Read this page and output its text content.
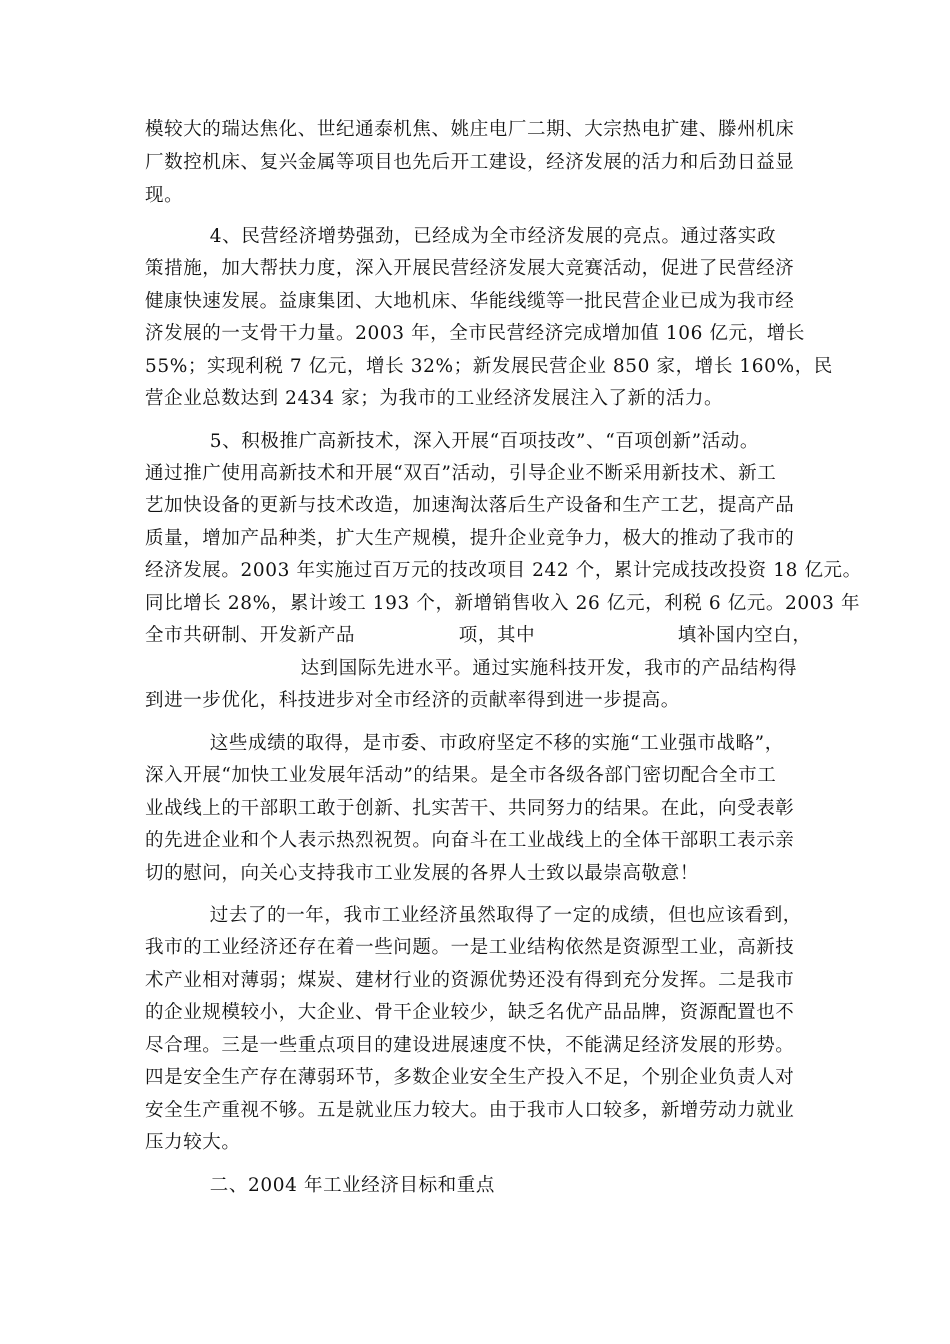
模较大的瑞达焦化、世纪通泰机焦、姚庄电厂二期、大宗热电扩建、滕州机床
厂数控机床、复兴金属等项目也先后开工建设，经济发展的活力和后劲日益显
现。
4、民营经济增势强劲，已经成为全市经济发展的亮点。通过落实政
策措施，加大帮扶力度，深入开展民营经济发展大竞赛活动，促进了民营经济
健康快速发展。益康集团、大地机床、华能线缆等一批民营企业已成为我市经
济发展的一支骨干力量。2003 年，全市民营经济完成增加值 106 亿元，增长
55%；实现利税 7 亿元，增长 32%；新发展民营企业 850 家，增长 160%，民
营企业总数达到 2434 家；为我市的工业经济发展注入了新的活力。
5、积极推广高新技术，深入开展“百项技改”、“百项创新”活动。
通过推广使用高新技术和开展“双百”活动，引导企业不断采用新技术、新工
艺加快设备的更新与技术改造，加速淘汰落后生产设备和生产工艺，提高产品
质量，增加产品种类，扩大生产规模，提升企业竞争力，极大的推动了我市的
经济发展。2003 年实施过百万元的技改项目 242 个，累计完成技改投资 18 亿元。
同比增长 28%，累计竣工 193 个，新增销售收入 26 亿元，利税 6 亿元。2003 年
全市共研制、开发新产品                项，其中                      填补国内空白，
达到国际先进水平。通过实施科技开发，我市的产品结构得
到进一步优化，科技进步对全市经济的贡献率得到进一步提高。
这些成绩的取得，是市委、市政府坚定不移的实施“工业强市战略”，
深入开展“加快工业发展年活动”的结果。是全市各级各部门密切配合全市工
业战线上的干部职工敢于创新、扎实苦干、共同努力的结果。在此，向受表彰
的先进企业和个人表示热烈祝贺。向奋斗在工业战线上的全体干部职工表示亲
切的慰问，向关心支持我市工业发展的各界人士致以最崇高敬意！
过去了的一年，我市工业经济虽然取得了一定的成绩，但也应该看到，
我市的工业经济还存在着一些问题。一是工业结构依然是资源型工业，高新技
术产业相对薄弱；煤炭、建材行业的资源优势还没有得到充分发挥。二是我市
的企业规模较小，大企业、骨干企业较少，缺乏名优产品品牌，资源配置也不
尽合理。三是一些重点项目的建设进展速度不快，不能满足经济发展的形势。
四是安全生产存在薄弱环节，多数企业安全生产投入不足，个别企业负责人对
安全生产重视不够。五是就业压力较大。由于我市人口较多，新增劳动力就业
压力较大。
二、2004 年工业经济目标和重点
